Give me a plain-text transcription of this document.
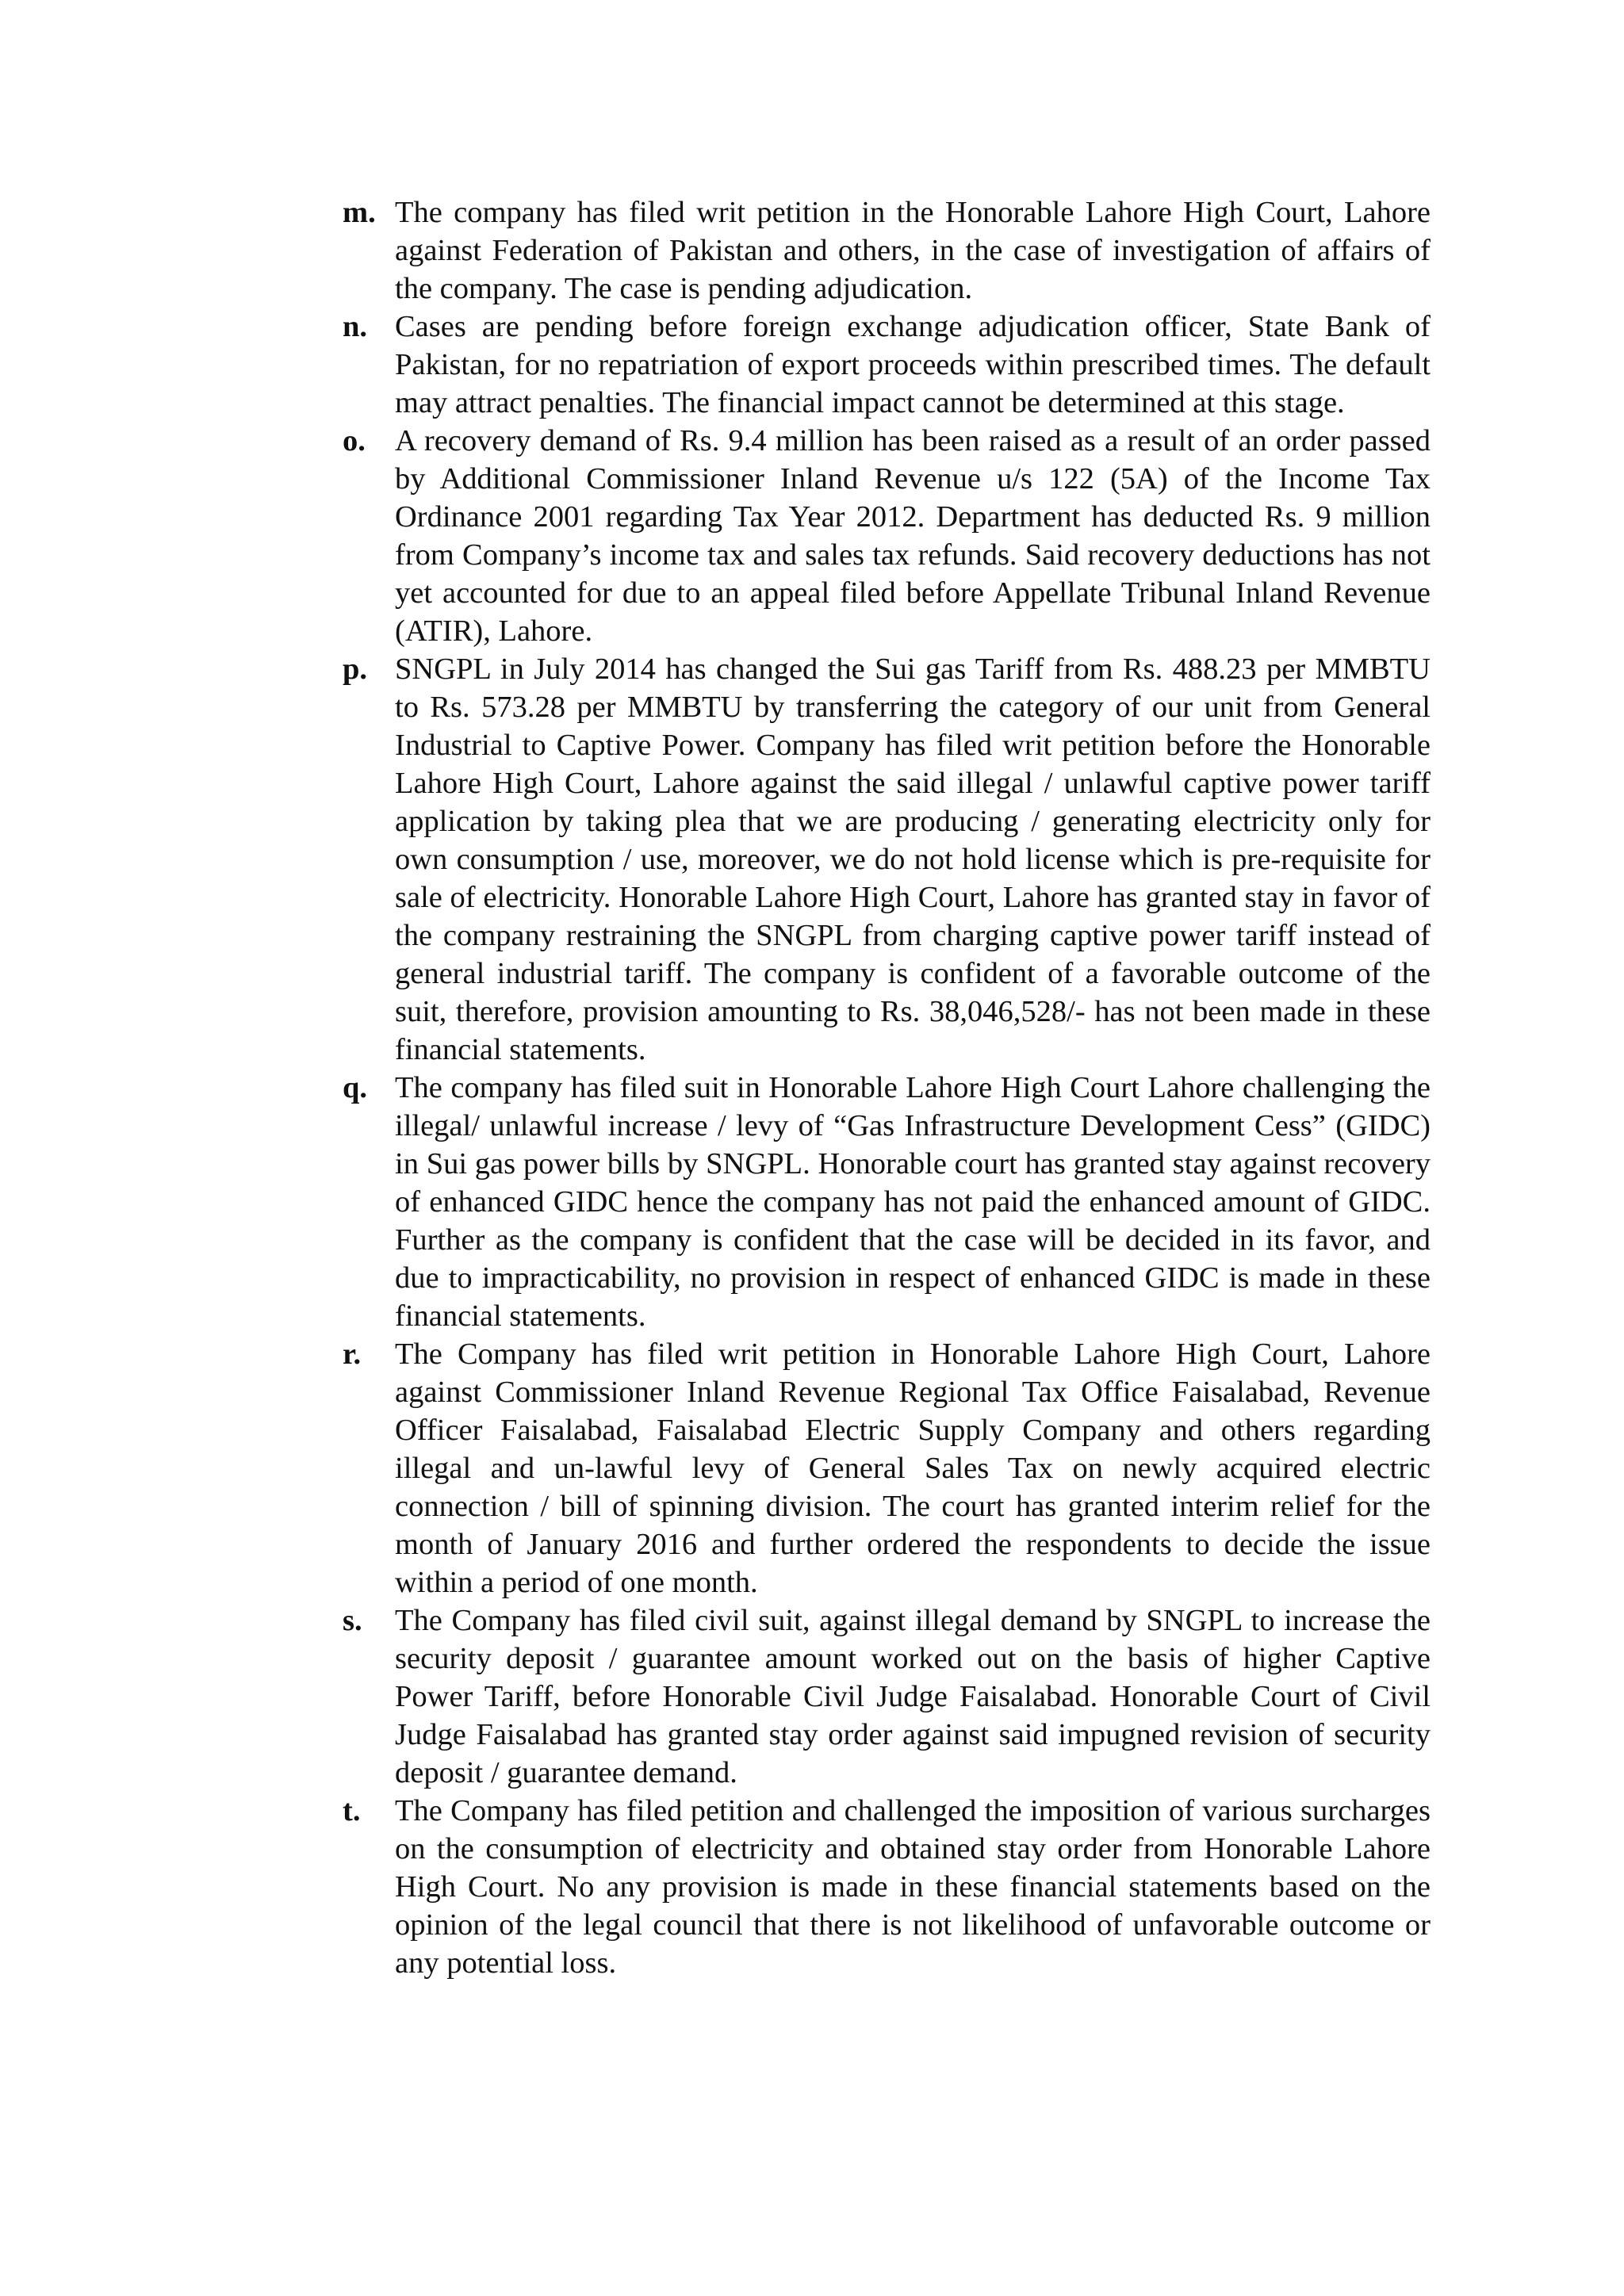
m. The company has filed writ petition in the Honorable Lahore High Court, Lahore against Federation of Pakistan and others, in the case of investigation of affairs of the company. The case is pending adjudication.
n. Cases are pending before foreign exchange adjudication officer, State Bank of Pakistan, for no repatriation of export proceeds within prescribed times. The default may attract penalties. The financial impact cannot be determined at this stage.
o. A recovery demand of Rs. 9.4 million has been raised as a result of an order passed by Additional Commissioner Inland Revenue u/s 122 (5A) of the Income Tax Ordinance 2001 regarding Tax Year 2012. Department has deducted Rs. 9 million from Company’s income tax and sales tax refunds. Said recovery deductions has not yet accounted for due to an appeal filed before Appellate Tribunal Inland Revenue (ATIR), Lahore.
p. SNGPL in July 2014 has changed the Sui gas Tariff from Rs. 488.23 per MMBTU to Rs. 573.28 per MMBTU by transferring the category of our unit from General Industrial to Captive Power. Company has filed writ petition before the Honorable Lahore High Court, Lahore against the said illegal / unlawful captive power tariff application by taking plea that we are producing / generating electricity only for own consumption / use, moreover, we do not hold license which is pre-requisite for sale of electricity. Honorable Lahore High Court, Lahore has granted stay in favor of the company restraining the SNGPL from charging captive power tariff instead of general industrial tariff. The company is confident of a favorable outcome of the suit, therefore, provision amounting to Rs. 38,046,528/- has not been made in these financial statements.
q. The company has filed suit in Honorable Lahore High Court Lahore challenging the illegal/ unlawful increase / levy of “Gas Infrastructure Development Cess” (GIDC) in Sui gas power bills by SNGPL. Honorable court has granted stay against recovery of enhanced GIDC hence the company has not paid the enhanced amount of GIDC. Further as the company is confident that the case will be decided in its favor, and due to impracticability, no provision in respect of enhanced GIDC is made in these financial statements.
r. The Company has filed writ petition in Honorable Lahore High Court, Lahore against Commissioner Inland Revenue Regional Tax Office Faisalabad, Revenue Officer Faisalabad, Faisalabad Electric Supply Company and others regarding illegal and un-lawful levy of General Sales Tax on newly acquired electric connection / bill of spinning division. The court has granted interim relief for the month of January 2016 and further ordered the respondents to decide the issue within a period of one month.
s. The Company has filed civil suit, against illegal demand by SNGPL to increase the security deposit / guarantee amount worked out on the basis of higher Captive Power Tariff, before Honorable Civil Judge Faisalabad. Honorable Court of Civil Judge Faisalabad has granted stay order against said impugned revision of security deposit / guarantee demand.
t. The Company has filed petition and challenged the imposition of various surcharges on the consumption of electricity and obtained stay order from Honorable Lahore High Court. No any provision is made in these financial statements based on the opinion of the legal council that there is not likelihood of unfavorable outcome or any potential loss.
